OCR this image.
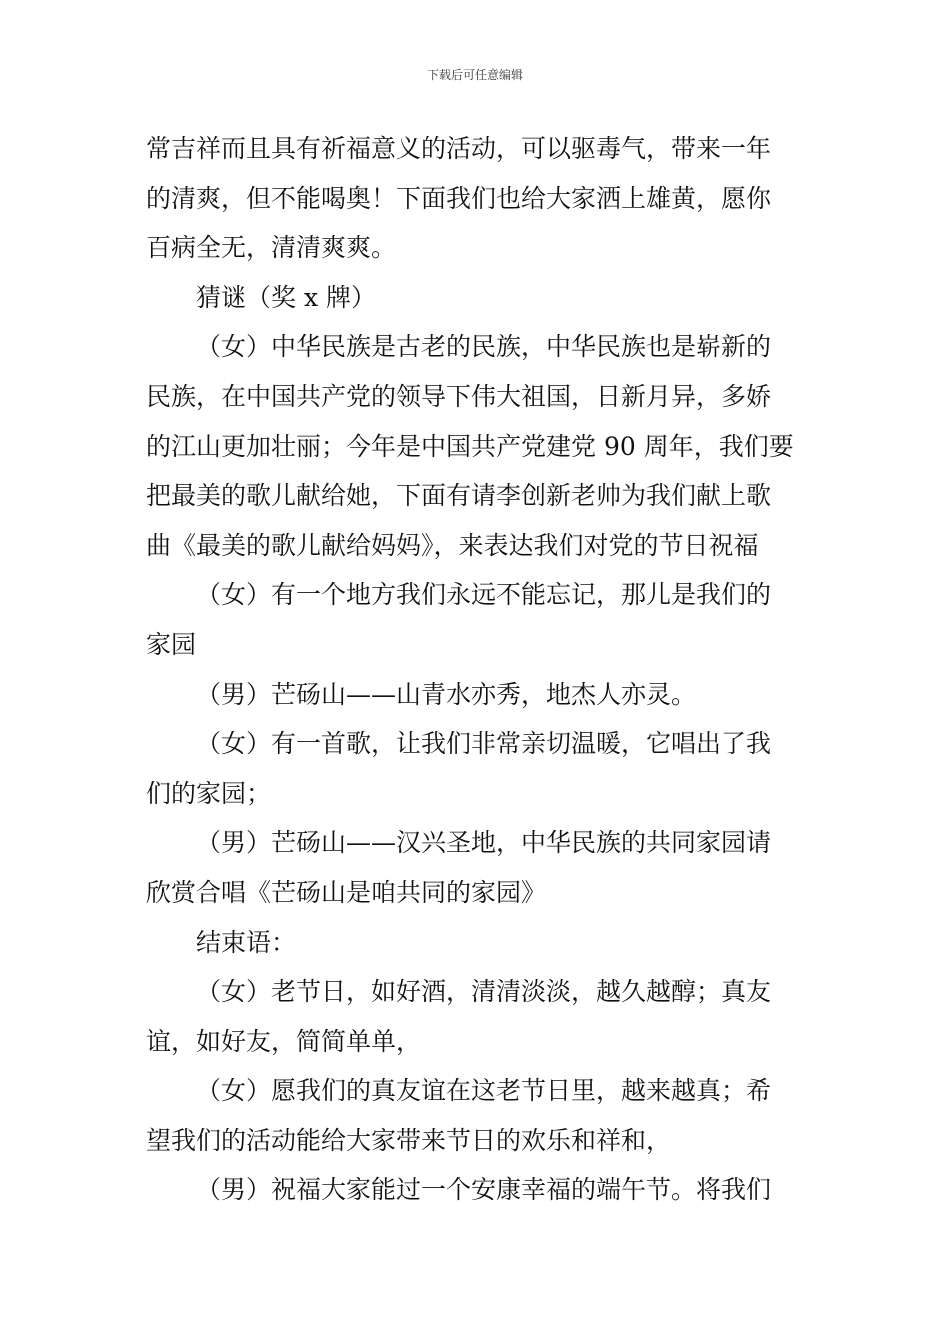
下载后可任意编辑

常吉祥而且具有祈福意义的活动，可以驱毒气，带来一年
的清爽，但不能喝奥！下面我们也给大家洒上雄黄，愿你
百病全无，清清爽爽。

猜谜（奖 x 牌）

（女）中华民族是古老的民族，中华民族也是崭新的
民族，在中国共产党的领导下伟大祖国，日新月异，多娇
的江山更加壮丽；今年是中国共产党建党 90 周年，我们要
把最美的歌儿献给她，下面有请李创新老帅为我们献上歌
曲《最美的歌儿献给妈妈》，来表达我们对党的节日祝福

（女）有一个地方我们永远不能忘记，那儿是我们的
家园

（男）芒砀山——山青水亦秀，地杰人亦灵。

（女）有一首歌，让我们非常亲切温暖，它唱出了我
们的家园；

（男）芒砀山——汉兴圣地，中华民族的共同家园请
欣赏合唱《芒砀山是咱共同的家园》

结束语：

（女）老节日，如好酒，清清淡淡，越久越醇；真友
谊，如好友，简简单单，

（女）愿我们的真友谊在这老节日里，越来越真；希
望我们的活动能给大家带来节日的欢乐和祥和，

（男）祝福大家能过一个安康幸福的端午节。将我们
